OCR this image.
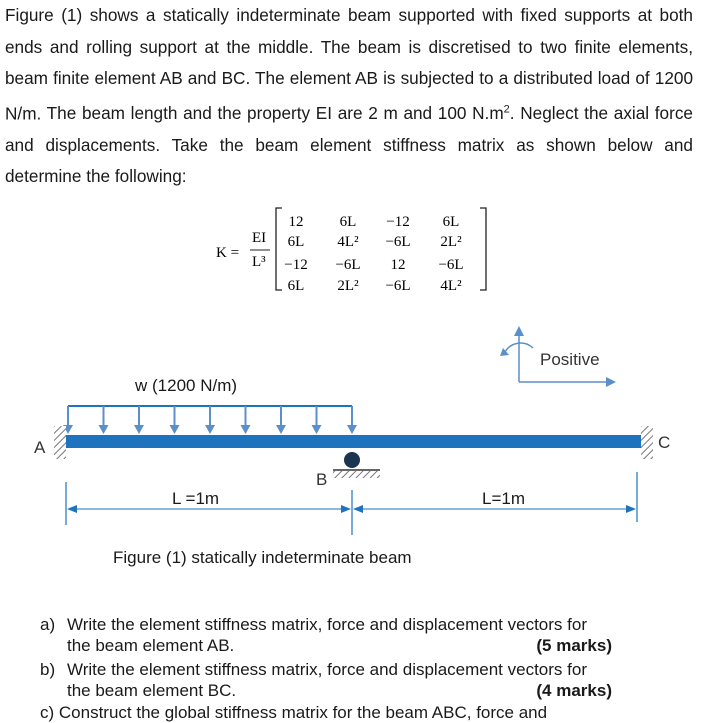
Figure (1) shows a statically indeterminate beam supported with fixed supports at both ends and rolling support at the middle. The beam is discretised to two finite elements, beam finite element AB and BC. The element AB is subjected to a distributed load of 1200 N/m. The beam length and the property EI are 2 m and 100 $N.m^2$. Neglect the axial force and displacements. Take the beam element stiffness matrix as shown below and determine the following:

K =
EI
L³
12 6L −12 6L
6L 4L² −6L 2L²
−12 −6L 12 −6L
6L 2L² −6L 4L²
Positive
w (1200 N/m)
A	C
B
L =1m	L=1m
Figure (1) statically indeterminate beam
a) Write the element stiffness matrix, force and displacement vectors for
the beam element AB.	(5 marks)
b) Write the element stiffness matrix, force and displacement vectors for
the beam element BC.	(4 marks)
c) Construct the global stiffness matrix for the beam ABC, force and
